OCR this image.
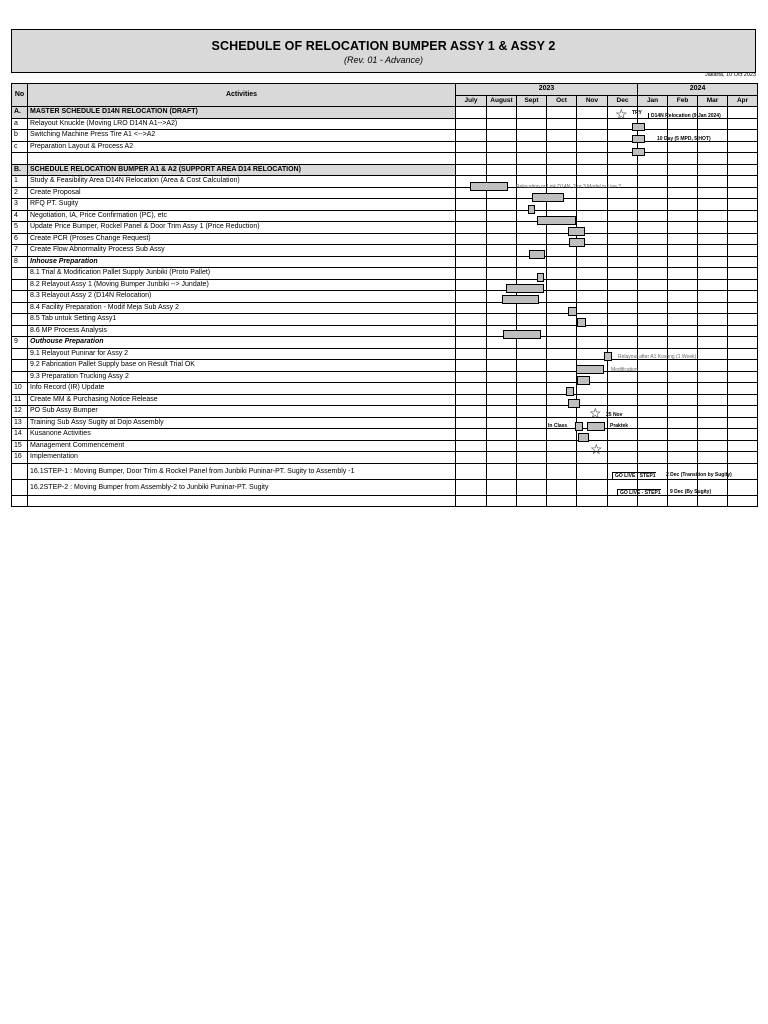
SCHEDULE OF RELOCATION BUMPER ASSY 1 & ASSY 2
(Rev. 01 - Advance)
Jakarta, 10 Oct 2023
No	Activities	2023						2024			
		July	August	Sept	Oct	Nov	Dec	Jan	Feb	Mar	Apr
A.	MASTER SCHEDULE D14N RELOCATION (DRAFT)										
a	Relayout Knuckle (Moving LRO D14N A1-->A2)										
b	Switching Machine Press Tire A1 <-->A2										
c	Preparation Layout & Process A2										

B.	SCHEDULE RELOCATION BUMPER A1 & A2 (SUPPORT AREA D14 RELOCATION)										
1	Study & Feasibility Area D14N Relocation (Area & Cost Calculation)										
2	Create Proposal										
3	RFQ PT. Sugity										
4	Negotiation, IA, Price Confirmation (PC), etc										
5	Update Price Bumper, Rockel Panel & Door Trim Assy 1 (Price Reduction)										
6	Create PCR (Proses Change Request)										
7	Create Flow Abnormality Process Sub Assy										
8	Inhouse Preparation										
	8.1 Trial & Modification Pallet Supply Junbiki (Proto Pallet)										
	8.2 Relayout Assy 1 (Moving Bumper Junbiki --> Jundate)										
	8.3 Relayout Assy 2 (D14N Relocation)										
	8.4 Facility Preparation - Modif Meja Sub Assy 2										
	8.5 Tab untuk Setting Assy1										
	8.6 MP Process Analysis										
9	Outhouse Preparation										
	9.1 Relayout Puninar for Assy 2										
	9.2 Fabrication Pallet Supply base on Result Trial OK										
	9.3 Preparation Trucking Assy 2										
10	Info Record (IR) Update										
11	Create MM & Purchasing Notice Release										
12	PO Sub Assy Bumper										
13	Training Sub Assy Sugity at Dojo Assembly										
14	Kusanone Activities										
15	Management Commencement										
16	Implementation										
	16.1STEP-1 : Moving Bumper, Door Trim & Rockel Panel from Junbiki Puninar-PT. Sugity to Assembly -1										
	16.2STEP-2 : Moving Bumper from Assembly-2 to Junbiki Puninar-PT. Sugity										

☆ TRY	D14N Relocation (9 Jan 2024)
10 Day (5 MPD, 5 HOT)
Relocation or Link D14N, 2 or 3 Model in Line 2
Relayout after A1 Kosong (1 Week)
Modification
☆ 25 Nov
In Class	Praktek
☆
GO LIVE - STEP1 2 Dec (Transition by Sugity)
GO LIVE - STEP1 9 Dec (By Sugity)
